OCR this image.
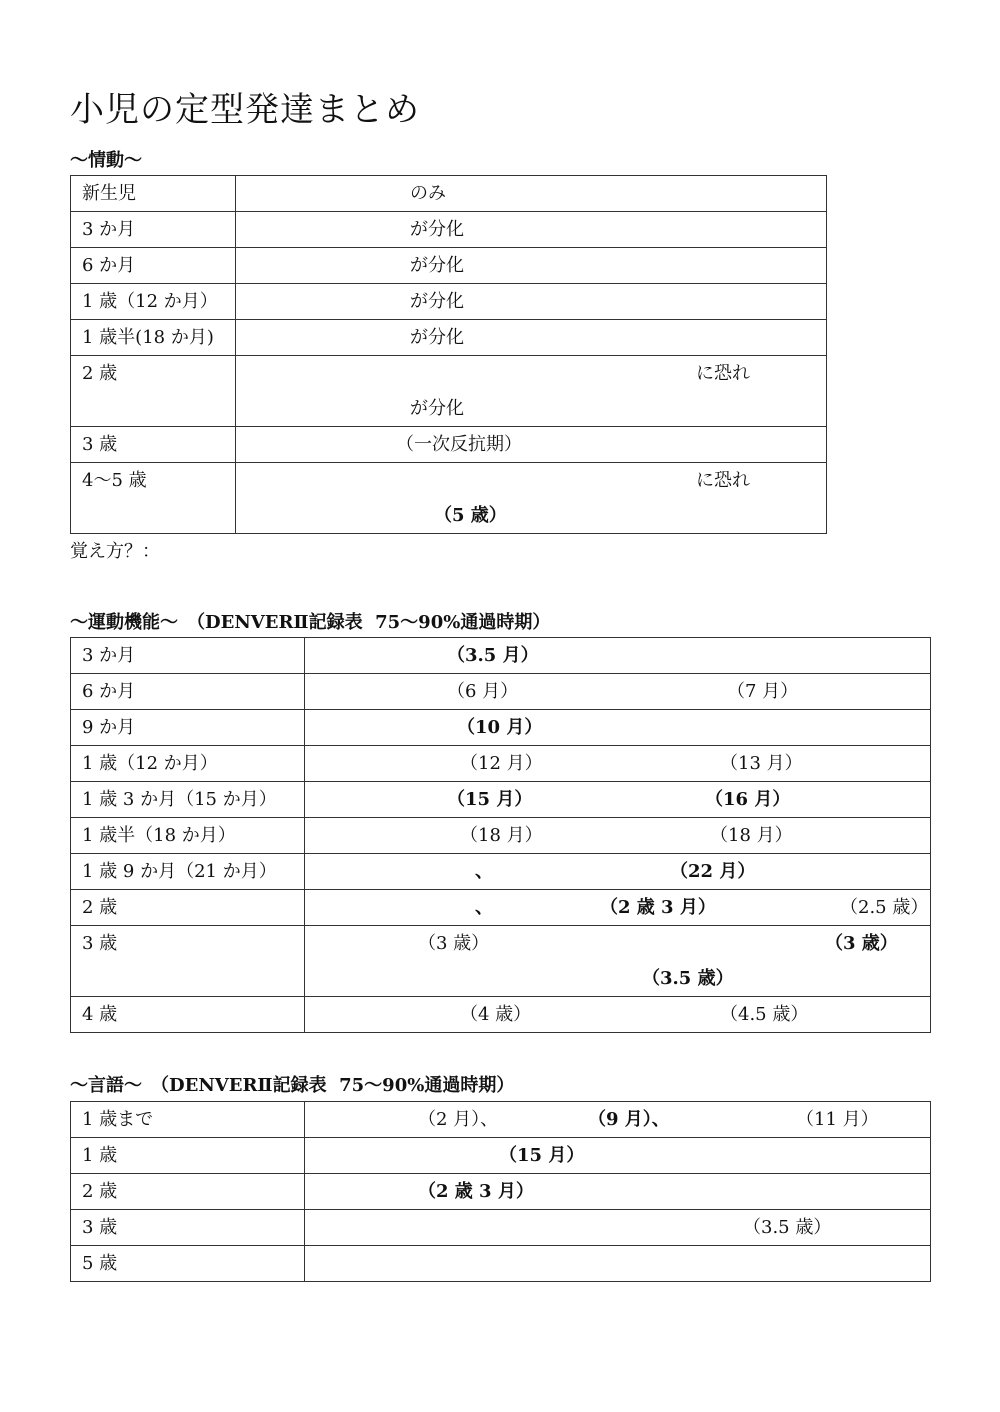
小児の定型発達まとめ
〜情動〜
新生児	のみ

3 か月	が分化

6 か月	が分化

1 歳（12 か月）	が分化

1 歳半(18 か月)	が分化

2 歳	に恐れ
が分化

3 歳	（一次反抗期）

4〜5 歳	に恐れ
（5 歳）
覚え方？：
〜運動機能〜　（DENVERⅡ記録表  75〜90%通過時期）
3 か月	（3.5 月）

6 か月	（6 月） （7 月）

9 か月	（10 月）

1 歳（12 か月）	（12 月） （13 月）

1 歳 3 か月（15 か月）	（15 月） （16 月）

1 歳半（18 か月）	（18 月） （18 月）

1 歳 9 か月（21 か月）	、 （22 月）

2 歳	、 （2 歳 3 月） （2.5 歳）

3 歳	（3 歳） （3 歳）
（3.5 歳）

4 歳	（4 歳） （4.5 歳）
〜言語〜　（DENVERⅡ記録表  75〜90%通過時期）
1 歳まで	（2 月）、 （9 月）、 （11 月）

1 歳	（15 月）

2 歳	（2 歳 3 月）

3 歳	（3.5 歳）

5 歳	
